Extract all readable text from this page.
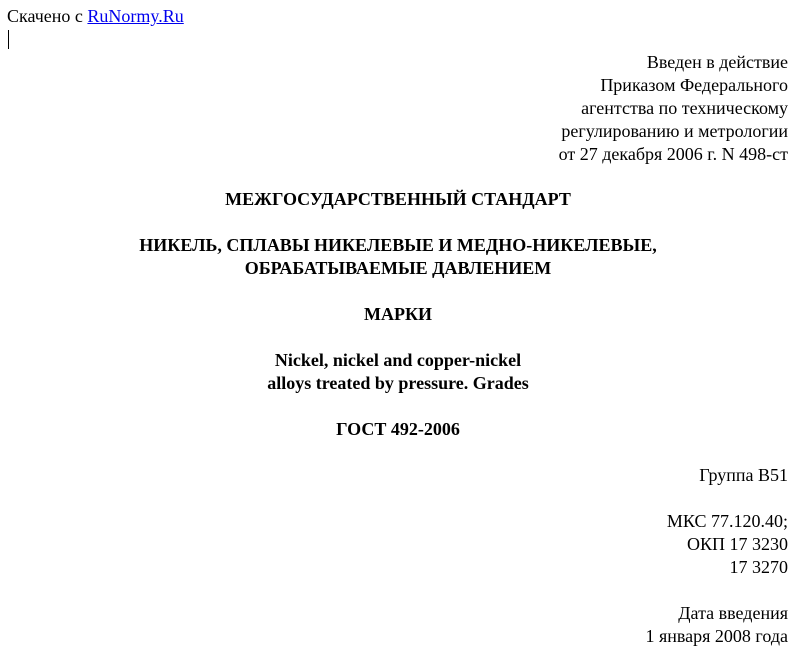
Скачено с RuNormy.Ru
Введен в действие
Приказом Федерального
агентства по техническому
регулированию и метрологии
от 27 декабря 2006 г. N 498-ст
МЕЖГОСУДАРСТВЕННЫЙ СТАНДАРТ
НИКЕЛЬ, СПЛАВЫ НИКЕЛЕВЫЕ И МЕДНО-НИКЕЛЕВЫЕ,
ОБРАБАТЫВАЕМЫЕ ДАВЛЕНИЕМ
МАРКИ
Nickel, nickel and copper-nickel
alloys treated by pressure. Grades
ГОСТ 492-2006
Группа В51
МКС 77.120.40;
ОКП 17 3230
17 3270
Дата введения
1 января 2008 года
